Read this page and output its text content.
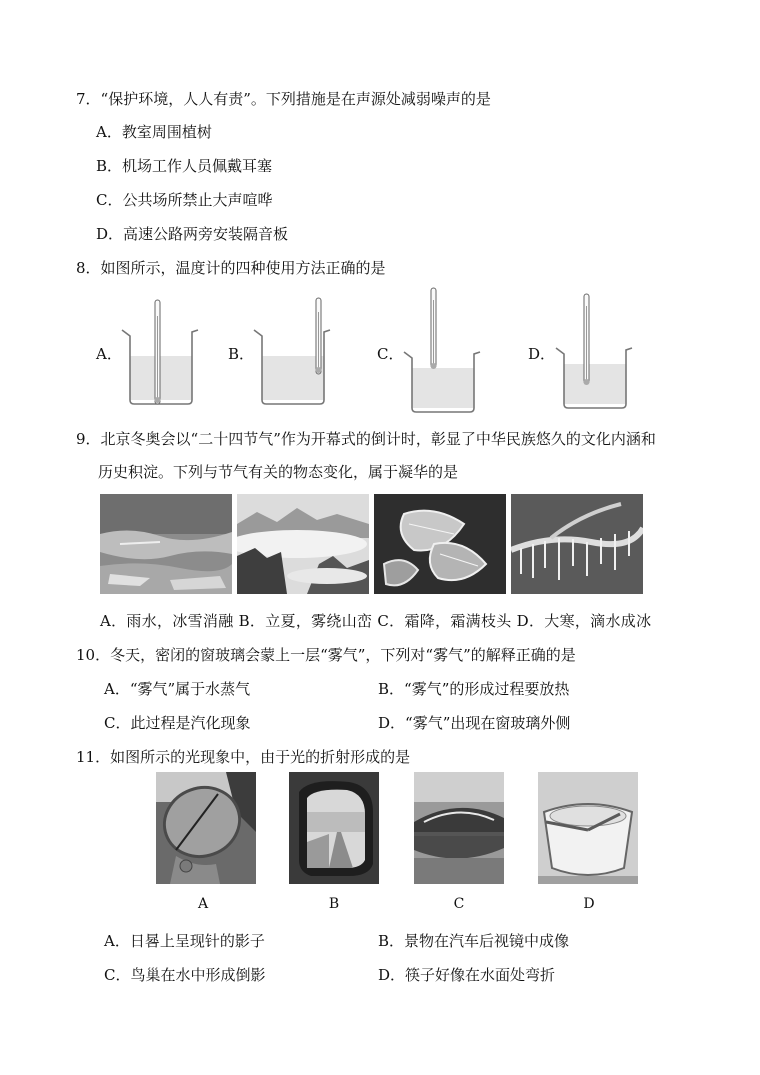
7．“保护环境，人人有责”。下列措施是在声源处减弱噪声的是
A．教室周围植树
B．机场工作人员佩戴耳塞
C．公共场所禁止大声喧哗
D．高速公路两旁安装隔音板
8．如图所示，温度计的四种使用方法正确的是
A．	B．	C．	D．
9．北京冬奥会以“二十四节气”作为开幕式的倒计时，彰显了中华民族悠久的文化内涵和
历史积淀。下列与节气有关的物态变化，属于凝华的是
A．雨水，冰雪消融 B．立夏，雾绕山峦 C．霜降，霜满枝头 D．大寒，滴水成冰
10．冬天，密闭的窗玻璃会蒙上一层“雾气”，下列对“雾气”的解释正确的是
A．“雾气”属于水蒸气	B．“雾气”的形成过程要放热
C．此过程是汽化现象	D．“雾气”出现在窗玻璃外侧
11．如图所示的光现象中，由于光的折射形成的是
A	B	C	D
A．日晷上呈现针的影子	B．景物在汽车后视镜中成像
C．鸟巢在水中形成倒影	D．筷子好像在水面处弯折
